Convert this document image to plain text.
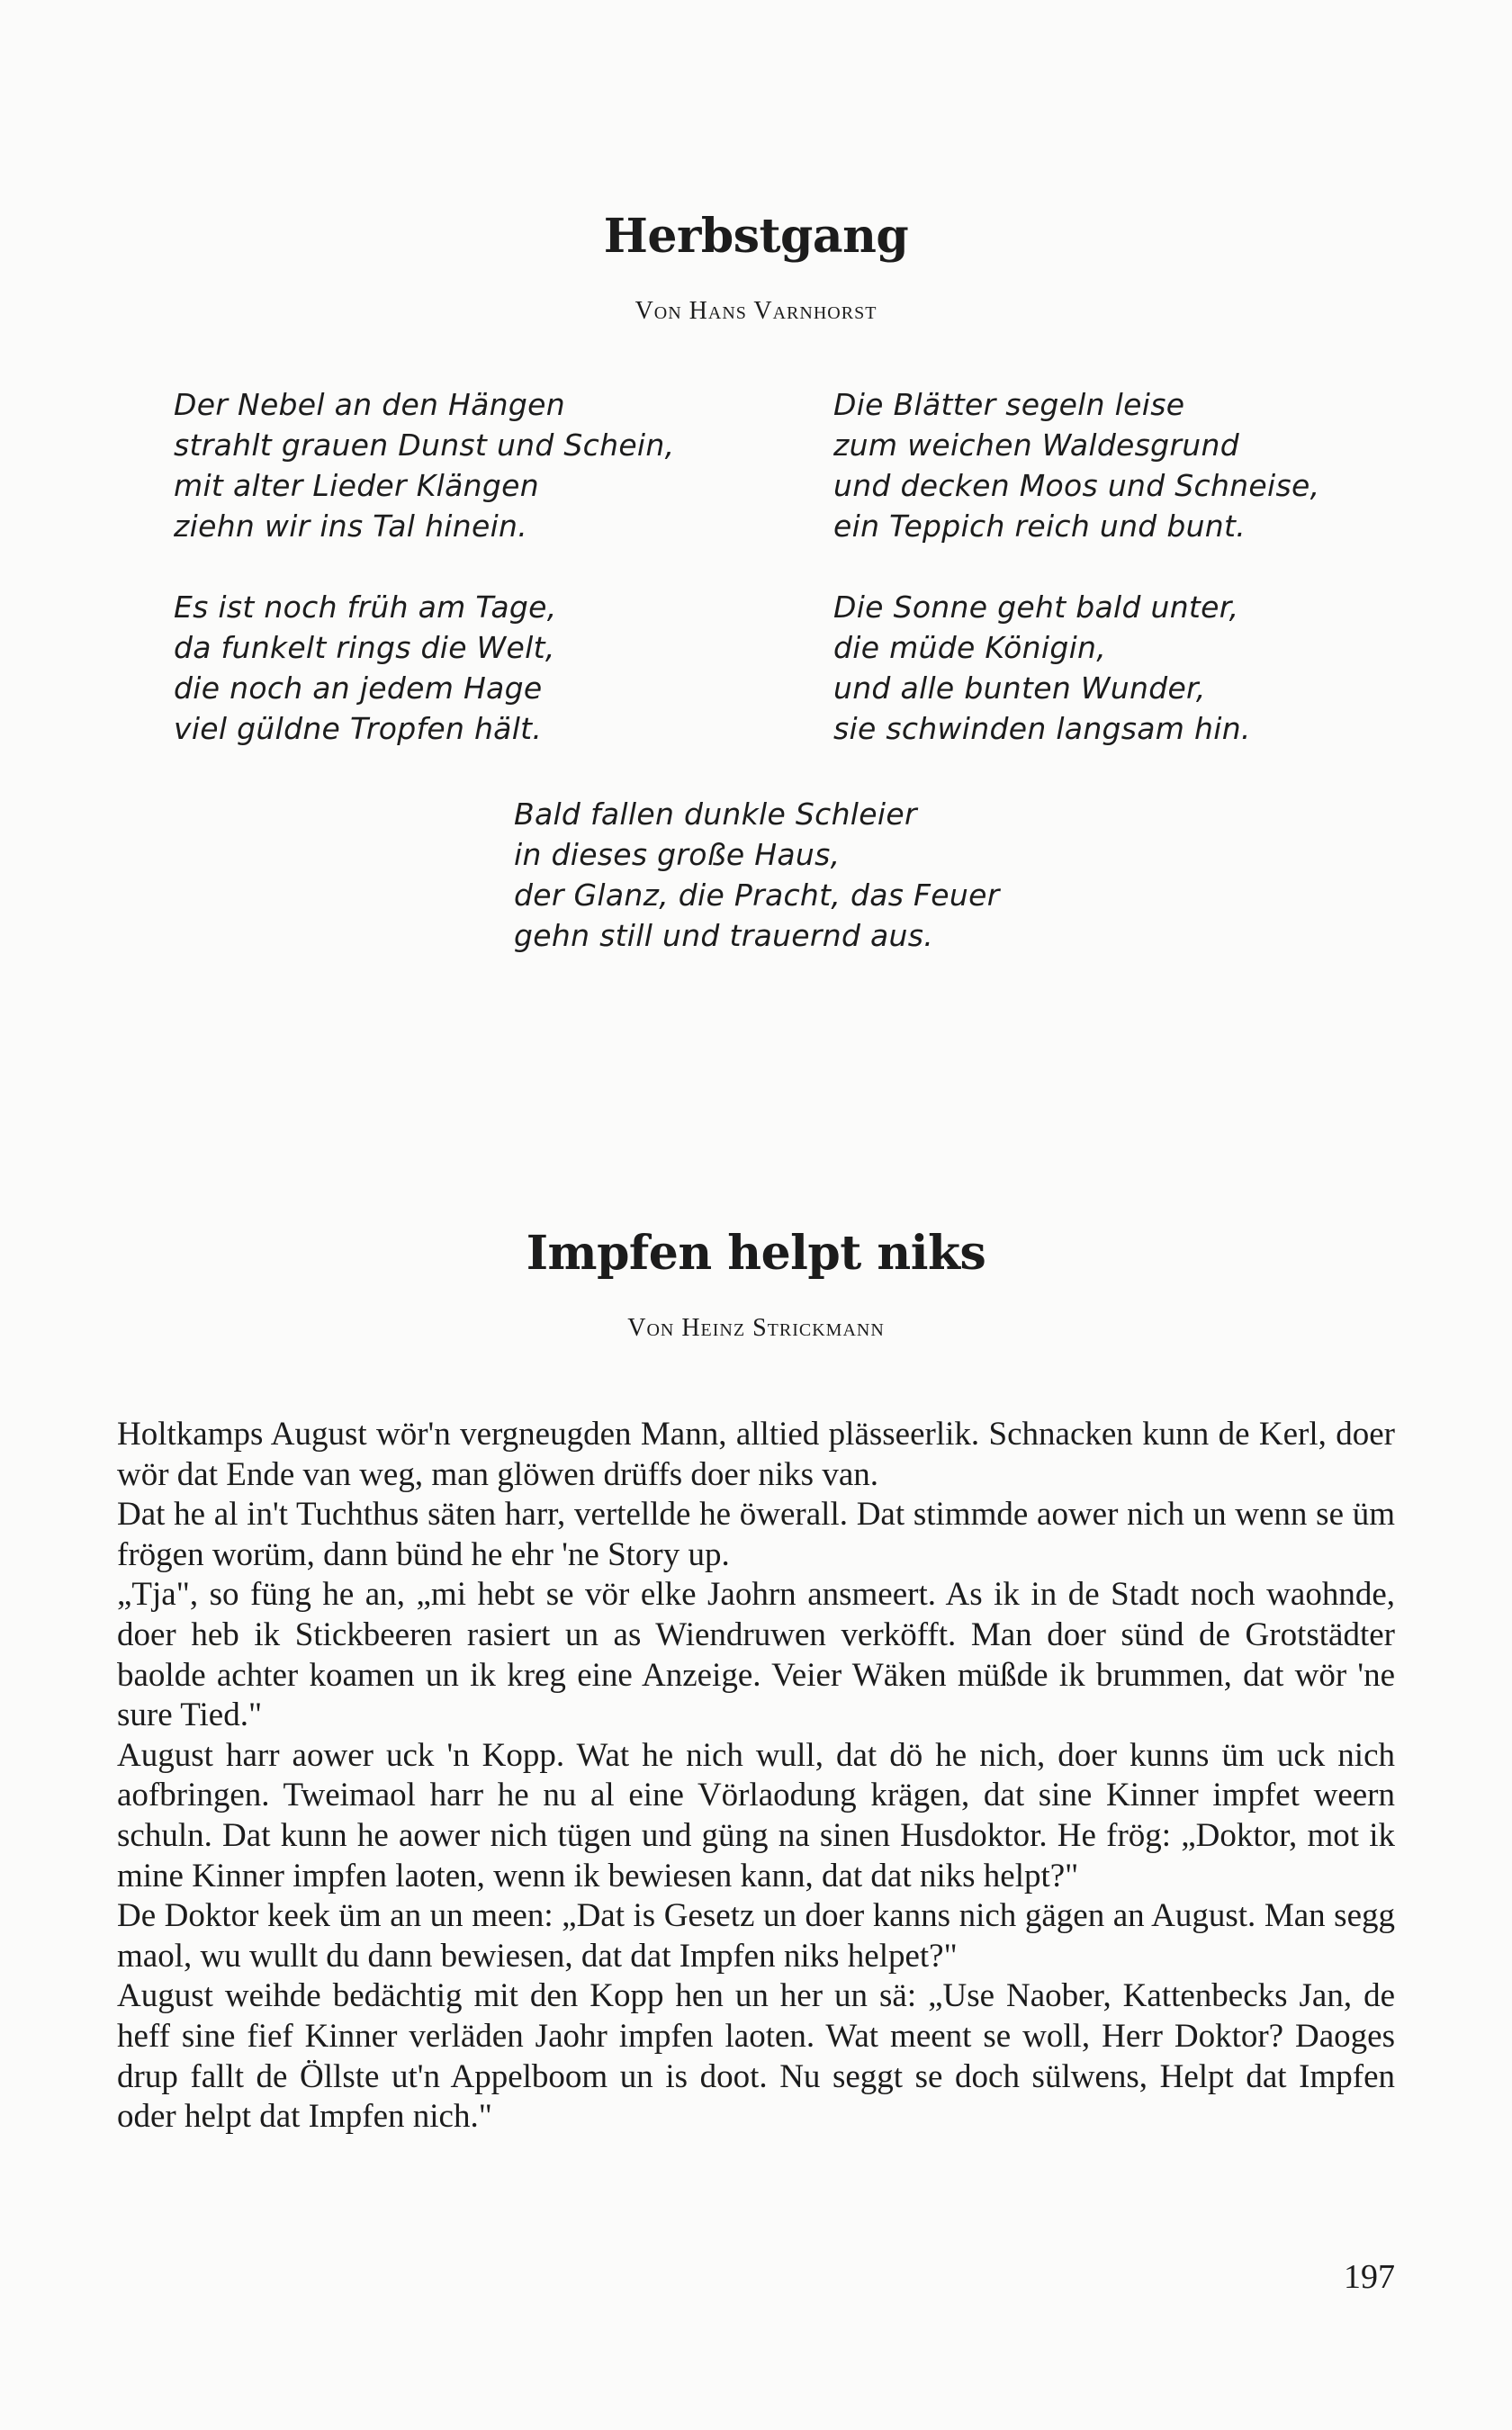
Herbstgang
Von Hans Varnhorst
Der Nebel an den Hängen
strahlt grauen Dunst und Schein,
mit alter Lieder Klängen
ziehn wir ins Tal hinein.
Die Blätter segeln leise
zum weichen Waldesgrund
und decken Moos und Schneise,
ein Teppich reich und bunt.
Es ist noch früh am Tage,
da funkelt rings die Welt,
die noch an jedem Hage
viel güldne Tropfen hält.
Die Sonne geht bald unter,
die müde Königin,
und alle bunten Wunder,
sie schwinden langsam hin.
Bald fallen dunkle Schleier
in dieses große Haus,
der Glanz, die Pracht, das Feuer
gehn still und trauernd aus.
Impfen helpt niks
Von Heinz Strickmann

Holtkamps August wör'n vergneugden Mann, alltied plässeerlik. Schnacken kunn de Kerl, doer wör dat Ende van weg, man glöwen drüffs doer niks van.

Dat he al in't Tuchthus säten harr, vertellde he öwerall. Dat stimmde aower nich un wenn se üm frögen worüm, dann bünd he ehr 'ne Story up.

„Tja", so füng he an, „mi hebt se vör elke Jaohrn ansmeert. As ik in de Stadt noch waohnde, doer heb ik Stickbeeren rasiert un as Wiendruwen verköfft. Man doer sünd de Grotstädter baolde achter koamen un ik kreg eine Anzeige. Veier Wäken müßde ik brummen, dat wör 'ne sure Tied."

August harr aower uck 'n Kopp. Wat he nich wull, dat dö he nich, doer kunns üm uck nich aofbringen. Tweimaol harr he nu al eine Vörlaodung krägen, dat sine Kinner impfet weern schuln. Dat kunn he aower nich tügen und güng na sinen Husdoktor. He frög: „Doktor, mot ik mine Kinner impfen laoten, wenn ik bewiesen kann, dat dat niks helpt?"

De Doktor keek üm an un meen: „Dat is Gesetz un doer kanns nich gägen an August. Man segg maol, wu wullt du dann bewiesen, dat dat Impfen niks helpet?"

August weihde bedächtig mit den Kopp hen un her un sä: „Use Naober, Kattenbecks Jan, de heff sine fief Kinner verläden Jaohr impfen laoten. Wat meent se woll, Herr Doktor? Daoges drup fallt de Öllste ut'n Appelboom un is doot. Nu seggt se doch sülwens, Helpt dat Impfen oder helpt dat Impfen nich."

197
